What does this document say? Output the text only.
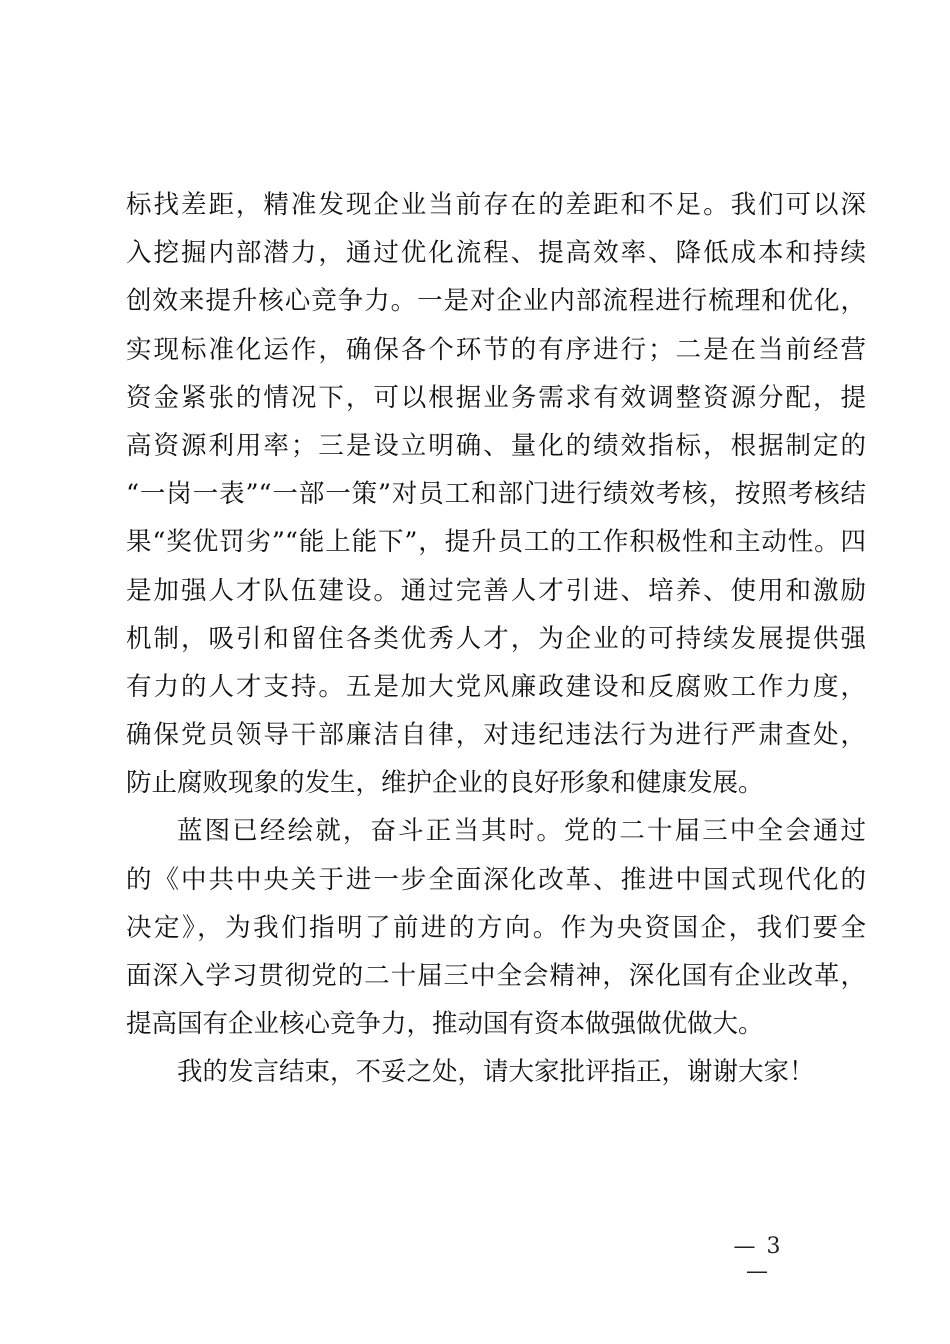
标找差距，精准发现企业当前存在的差距和不足。我们可以深
入挖掘内部潜力，通过优化流程、提高效率、降低成本和持续
创效来提升核心竞争力。一是对企业内部流程进行梳理和优化，
实现标准化运作，确保各个环节的有序进行；二是在当前经营
资金紧张的情况下，可以根据业务需求有效调整资源分配，提
高资源利用率；三是设立明确、量化的绩效指标，根据制定的
“一岗一表”“一部一策”对员工和部门进行绩效考核，按照考核结
果“奖优罚劣”“能上能下”，提升员工的工作积极性和主动性。四
是加强人才队伍建设。通过完善人才引进、培养、使用和激励
机制，吸引和留住各类优秀人才，为企业的可持续发展提供强
有力的人才支持。五是加大党风廉政建设和反腐败工作力度，
确保党员领导干部廉洁自律，对违纪违法行为进行严肃查处，
防止腐败现象的发生，维护企业的良好形象和健康发展。
蓝图已经绘就，奋斗正当其时。党的二十届三中全会通过
的《中共中央关于进一步全面深化改革、推进中国式现代化的
决定》，为我们指明了前进的方向。作为央资国企，我们要全
面深入学习贯彻党的二十届三中全会精神，深化国有企业改革，
提高国有企业核心竞争力，推动国有资本做强做优做大。
我的发言结束，不妥之处，请大家批评指正，谢谢大家！
— 3 —
